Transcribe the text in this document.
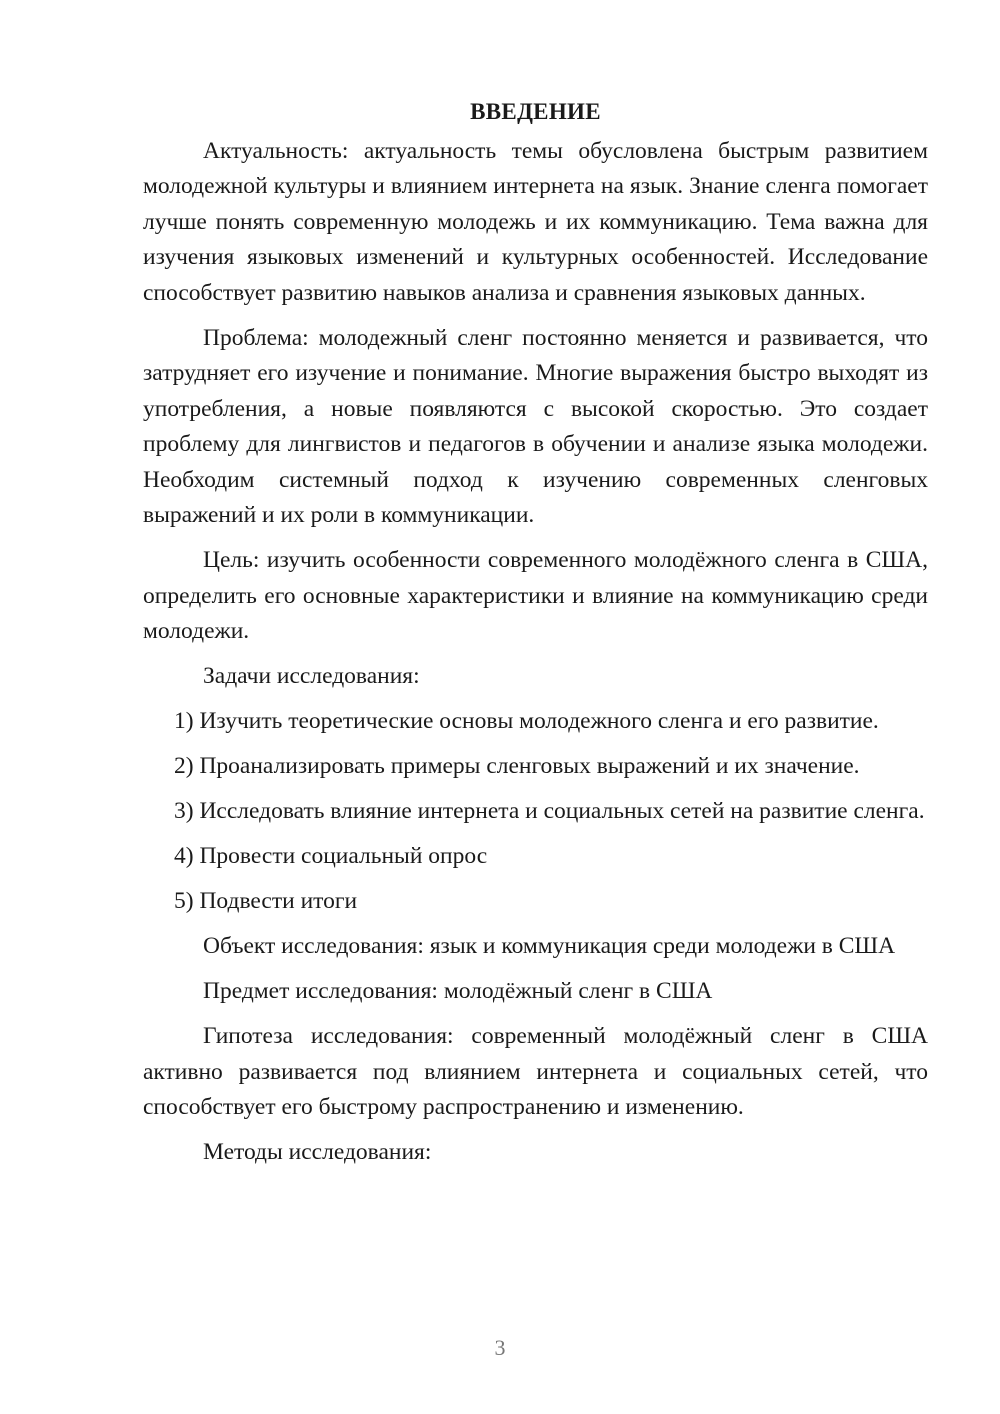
ВВЕДЕНИЕ

Актуальность: актуальность темы обусловлена быстрым развитием молодежной культуры и влиянием интернета на язык. Знание сленга помогает лучше понять современную молодежь и их коммуникацию. Тема важна для изучения языковых изменений и культурных особенностей. Исследование способствует развитию навыков анализа и сравнения языковых данных.

Проблема: молодежный сленг постоянно меняется и развивается, что затрудняет его изучение и понимание. Многие выражения быстро выходят из употребления, а новые появляются с высокой скоростью. Это создает проблему для лингвистов и педагогов в обучении и анализе языка молодежи. Необходим системный подход к изучению современных сленговых выражений и их роли в коммуникации.

Цель: изучить особенности современного молодёжного сленга в США, определить его основные характеристики и влияние на коммуникацию среди молодежи.

Задачи исследования:

1) Изучить теоретические основы молодежного сленга и его развитие.

2) Проанализировать примеры сленговых выражений и их значение.

3) Исследовать влияние интернета и социальных сетей на развитие сленга.

4) Провести социальный опрос

5) Подвести итоги

Объект исследования: язык и коммуникация среди молодежи в США

Предмет исследования: молодёжный сленг в США

Гипотеза исследования: современный молодёжный сленг в США активно развивается под влиянием интернета и социальных сетей, что способствует его быстрому распространению и изменению.

Методы исследования:

3
